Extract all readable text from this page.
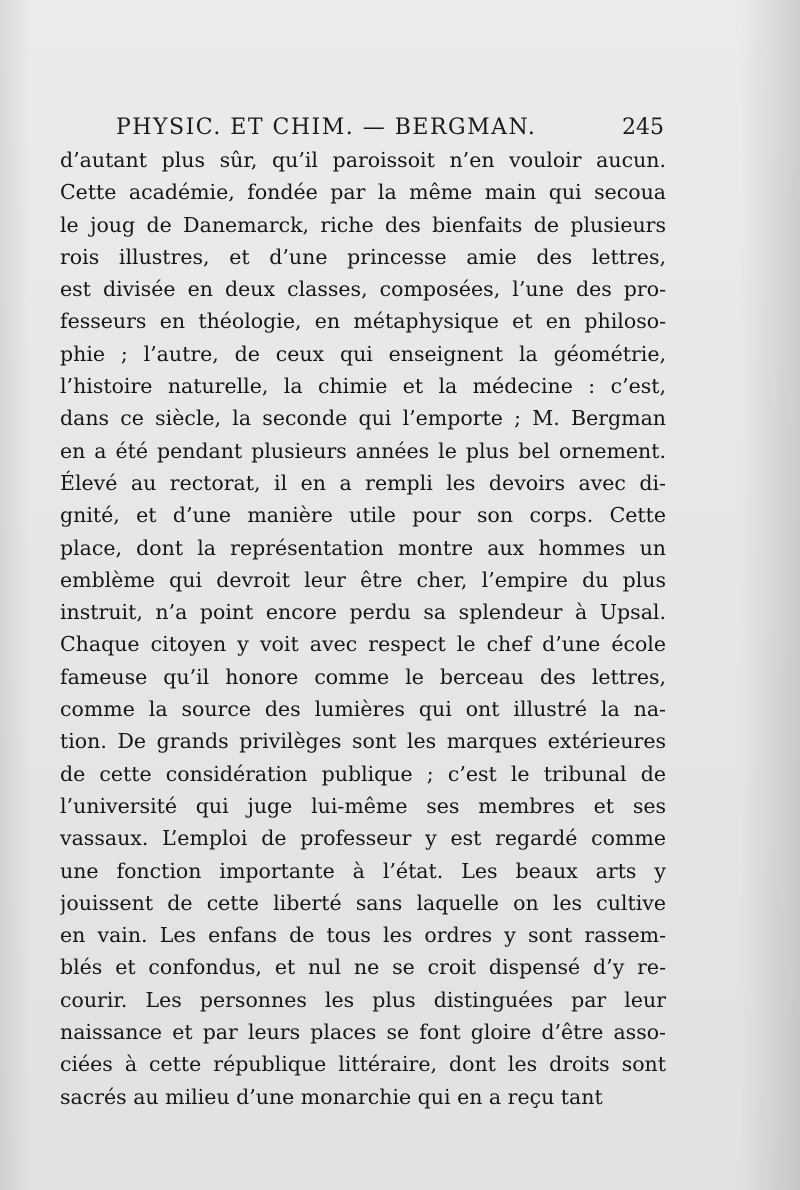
PHYSIC. ET CHIM. — BERGMAN.	245
d’autant plus sûr, qu’il paroissoit n’en vouloir aucun.
Cette académie, fondée par la même main qui secoua
le joug de Danemarck, riche des bienfaits de plusieurs
rois illustres, et d’une princesse amie des lettres,
est divisée en deux classes, composées, l’une des pro-
fesseurs en théologie, en métaphysique et en philoso-
phie ; l’autre, de ceux qui enseignent la géométrie,
l’histoire naturelle, la chimie et la médecine : c’est,
dans ce siècle, la seconde qui l’emporte ; M. Bergman
en a été pendant plusieurs années le plus bel ornement.
Élevé au rectorat, il en a rempli les devoirs avec di-
gnité, et d’une manière utile pour son corps. Cette
place, dont la représentation montre aux hommes un
emblème qui devroit leur être cher, l’empire du plus
instruit, n’a point encore perdu sa splendeur à Upsal.
Chaque citoyen y voit avec respect le chef d’une école
fameuse qu’il honore comme le berceau des lettres,
comme la source des lumières qui ont illustré la na-
tion. De grands privilèges sont les marques extérieures
de cette considération publique ; c’est le tribunal de
l’université qui juge lui-même ses membres et ses
vassaux. L’emploi de professeur y est regardé comme
une fonction importante à l’état. Les beaux arts y
jouissent de cette liberté sans laquelle on les cultive
en vain. Les enfans de tous les ordres y sont rassem-
blés et confondus, et nul ne se croit dispensé d’y re-
courir. Les personnes les plus distinguées par leur
naissance et par leurs places se font gloire d’être asso-
ciées à cette république littéraire, dont les droits sont
sacrés au milieu d’une monarchie qui en a reçu tant
